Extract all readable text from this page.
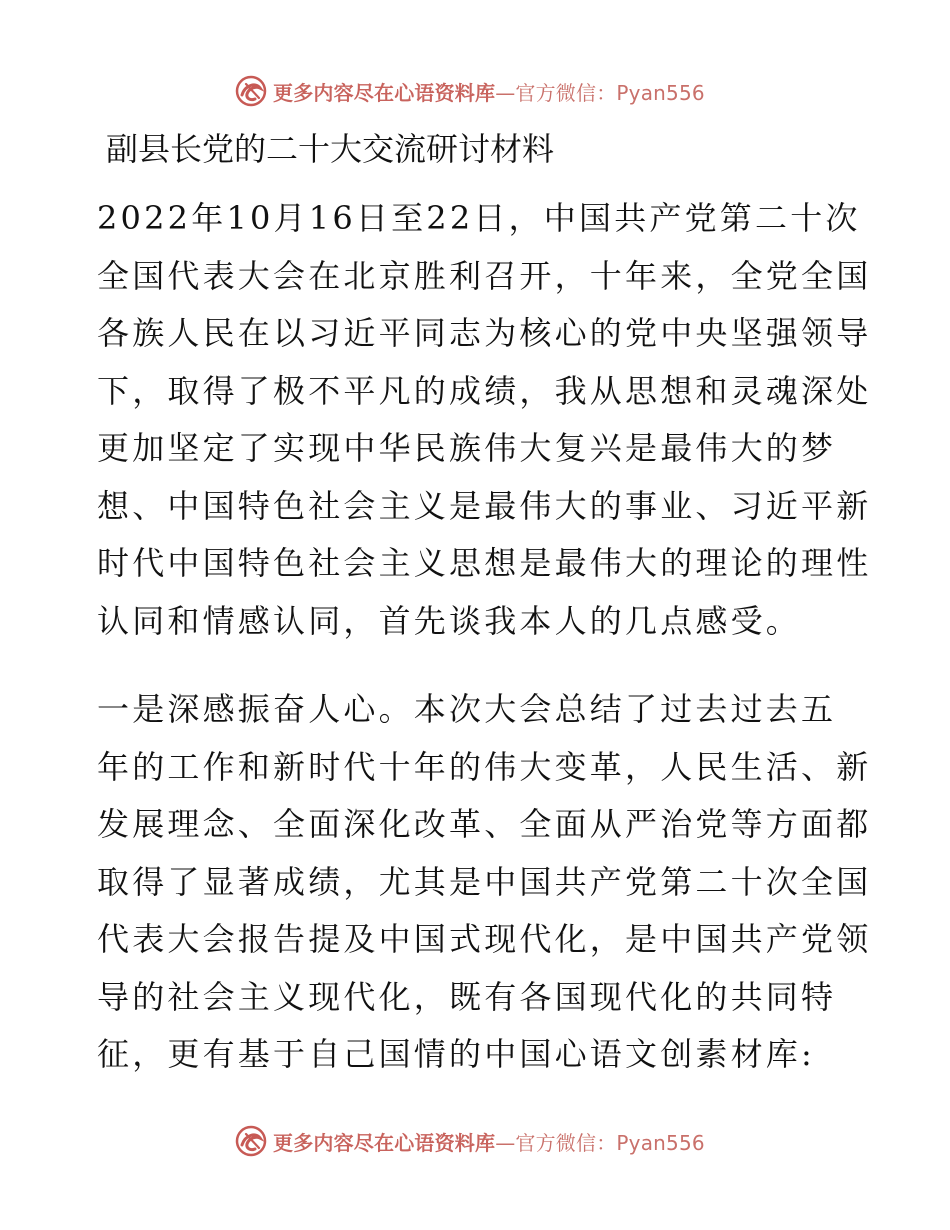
更多内容尽在心语资料库—官方微信：Pyan556
副县长党的二十大交流研讨材料
2022年10月16日至22日，中国共产党第二十次
全国代表大会在北京胜利召开，十年来，全党全国
各族人民在以习近平同志为核心的党中央坚强领导
下，取得了极不平凡的成绩，我从思想和灵魂深处
更加坚定了实现中华民族伟大复兴是最伟大的梦
想、中国特色社会主义是最伟大的事业、习近平新
时代中国特色社会主义思想是最伟大的理论的理性
认同和情感认同，首先谈我本人的几点感受。
一是深感振奋人心。本次大会总结了过去过去五
年的工作和新时代十年的伟大变革，人民生活、新
发展理念、全面深化改革、全面从严治党等方面都
取得了显著成绩，尤其是中国共产党第二十次全国
代表大会报告提及中国式现代化，是中国共产党领
导的社会主义现代化，既有各国现代化的共同特
征，更有基于自己国情的中国心语文创素材库:
更多内容尽在心语资料库—官方微信：Pyan556
